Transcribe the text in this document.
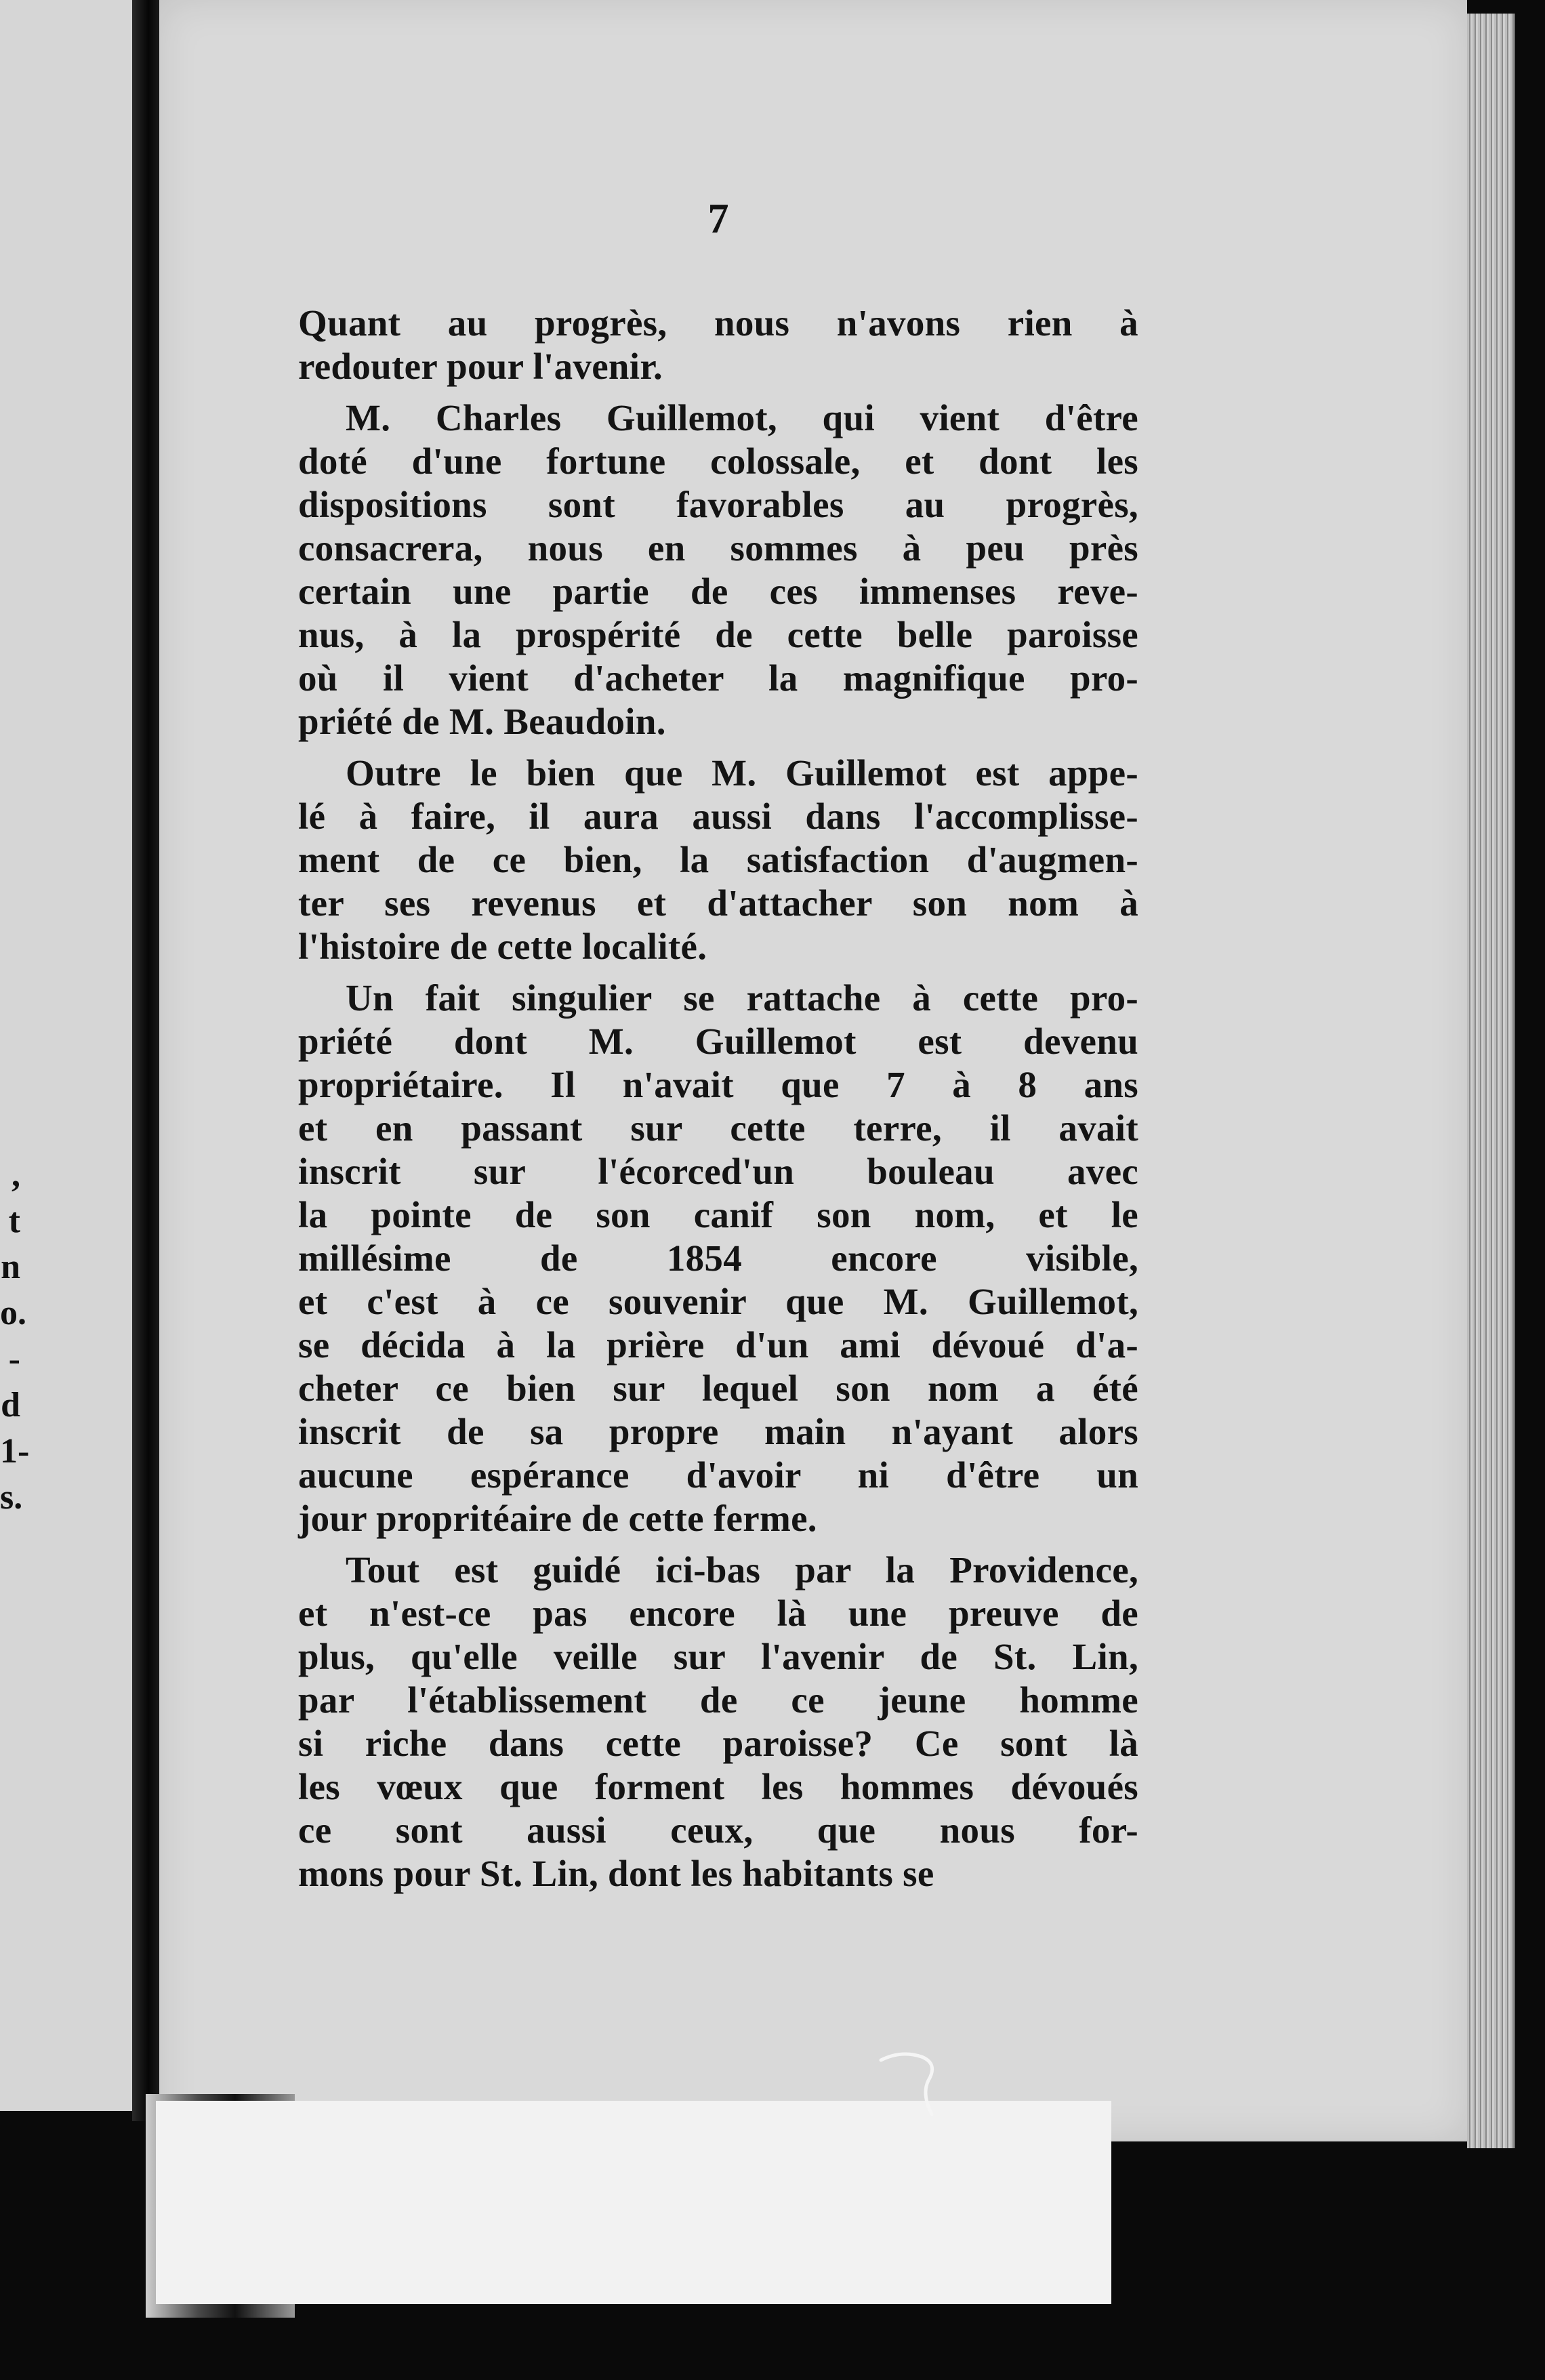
,
t
n
o.
-
d
1-
s.
7
Quant au progrès, nous n'avons rien à
redouter pour l'avenir.
M. Charles Guillemot, qui vient d'être
doté d'une fortune colossale, et dont les
dispositions sont favorables au progrès,
consacrera, nous en sommes à peu près
certain une partie de ces immenses reve-
nus, à la prospérité de cette belle paroisse
où il vient d'acheter la magnifique pro-
priété de M. Beaudoin.
Outre le bien que M. Guillemot est appe-
lé à faire, il aura aussi dans l'accomplisse-
ment de ce bien, la satisfaction d'augmen-
ter ses revenus et d'attacher son nom à
l'histoire de cette localité.
Un fait singulier se rattache à cette pro-
priété dont M. Guillemot est devenu
propriétaire. Il n'avait que 7 à 8 ans
et en passant sur cette terre, il avait
inscrit sur l'écorced'un bouleau avec
la pointe de son canif son nom, et le
millésime de 1854 encore visible,
et c'est à ce souvenir que M. Guillemot,
se décida à la prière d'un ami dévoué d'a-
cheter ce bien sur lequel son nom a été
inscrit de sa propre main n'ayant alors
aucune espérance d'avoir ni d'être un
jour propritéaire de cette ferme.
Tout est guidé ici-bas par la Providence,
et n'est-ce pas encore là une preuve de
plus, qu'elle veille sur l'avenir de St. Lin,
par l'établissement de ce jeune homme
si riche dans cette paroisse? Ce sont là
les vœux que forment les hommes dévoués
ce sont aussi ceux, que nous for-
mons pour St. Lin, dont les habitants se
